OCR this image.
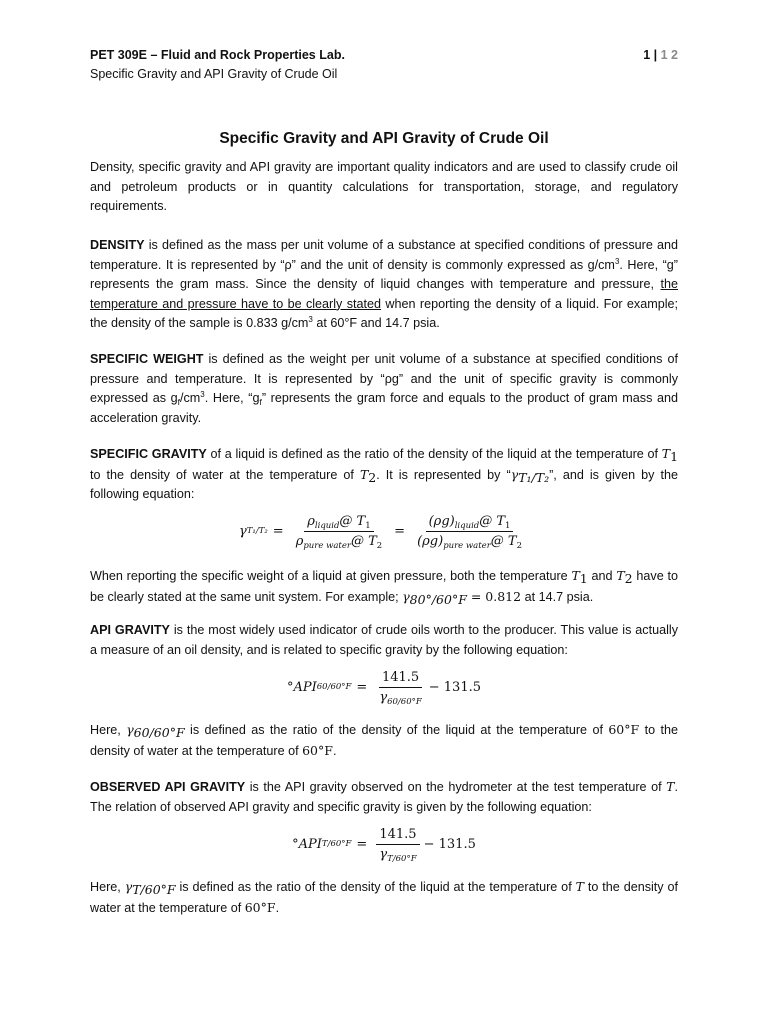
PET 309E – Fluid and Rock Properties Lab.
Specific Gravity and API Gravity of Crude Oil
1 | 1 2
Specific Gravity and API Gravity of Crude Oil

Density, specific gravity and API gravity are important quality indicators and are used to classify crude oil and petroleum products or in quantity calculations for transportation, storage, and regulatory requirements.

DENSITY is defined as the mass per unit volume of a substance at specified conditions of pressure and temperature. It is represented by “ρ” and the unit of density is commonly expressed as $g/cm^3$. Here, “g” represents the gram mass. Since the density of liquid changes with temperature and pressure, the temperature and pressure have to be clearly stated when reporting the density of a liquid. For example; the density of the sample is 0.833 $g/cm^3$ at 60°F and 14.7 psia.

SPECIFIC WEIGHT is defined as the weight per unit volume of a substance at specified conditions of pressure and temperature. It is represented by “ρg” and the unit of specific gravity is commonly expressed as $g_f/cm^3$. Here, “$g_f$” represents the gram force and equals to the product of gram mass and acceleration gravity.

SPECIFIC GRAVITY of a liquid is defined as the ratio of the density of the liquid at the temperature of $T_1$ to the density of water at the temperature of $T_2$. It is represented by “$\gamma_{T_1/T_2}$”, and is given by the following equation:

γ $T_1/T_2 = \frac{\rho_{liquid}@ T_1}{\rho_{pure water}@ T_2} = \frac{(\rho g)_{liquid}@ T_1}{(\rho g)_{pure water}@ T_2}$

When reporting the specific weight of a liquid at given pressure, both the temperature $T_1$ and $T_2$ have to be clearly stated at the same unit system. For example; $\gamma_{80^\circ/60^\circ F} = 0.812$ at 14.7 psia.

API GRAVITY is the most widely used indicator of crude oils worth to the producer. This value is actually a measure of an oil density, and is related to specific gravity by the following equation:

°API $60/60^\circ F = \frac{141.5}{\gamma_{60/60^\circ F}} - 131.5$

Here, $\gamma_{60/60^\circ F}$ is defined as the ratio of the density of the liquid at the temperature of 60°F to the density of water at the temperature of 60°F.

OBSERVED API GRAVITY is the API gravity observed on the hydrometer at the test temperature of T. The relation of observed API gravity and specific gravity is given by the following equation:

°API $T/60^\circ F = \frac{141.5}{\gamma_{T/60^\circ F}} - 131.5$

Here, $\gamma_{T/60^\circ F}$ is defined as the ratio of the density of the liquid at the temperature of T to the density of water at the temperature of 60°F.
